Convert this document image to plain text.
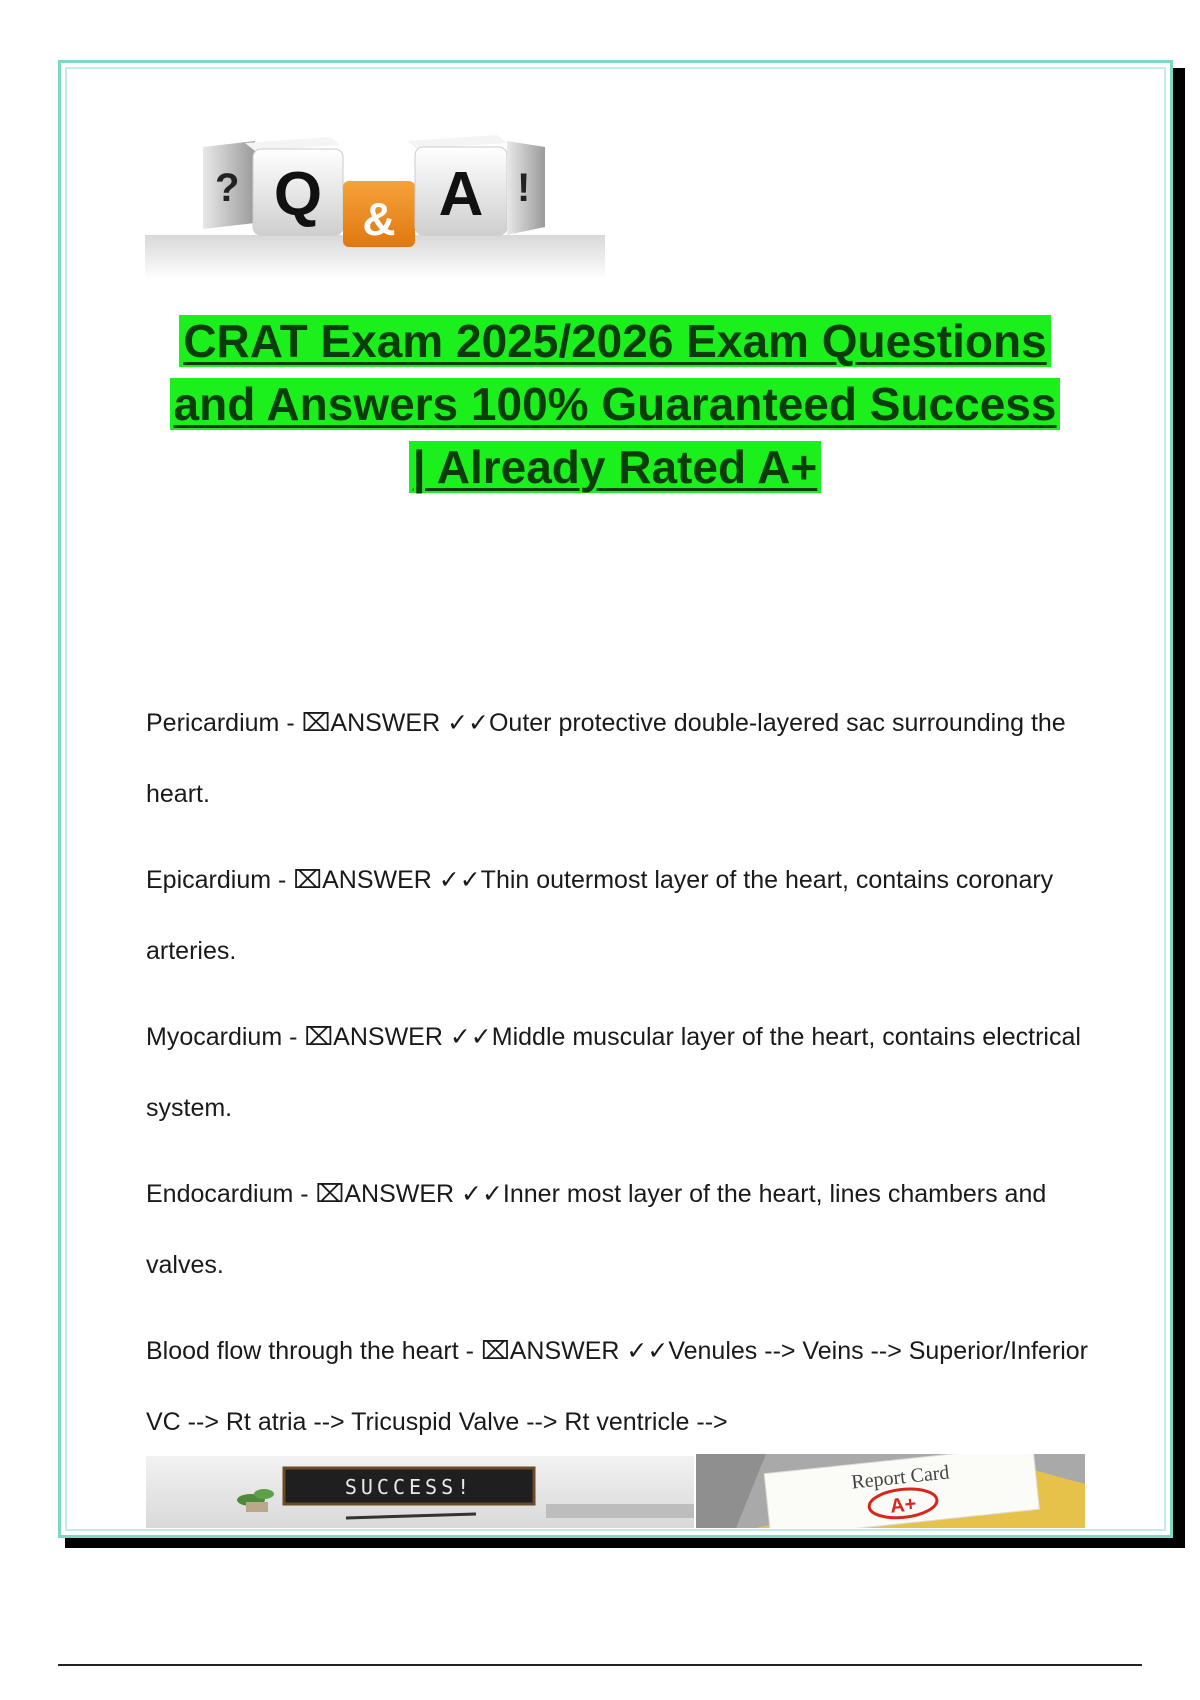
? Q & A !
CRAT Exam 2025/2026 Exam Questions
and Answers 100% Guaranteed Success
| Already Rated A+
Pericardium - ⌧ANSWER ✓✓Outer protective double-layered sac surrounding the heart.
Epicardium - ⌧ANSWER ✓✓Thin outermost layer of the heart, contains coronary arteries.
Myocardium - ⌧ANSWER ✓✓Middle muscular layer of the heart, contains electrical system.
Endocardium - ⌧ANSWER ✓✓Inner most layer of the heart, lines chambers and valves.
Blood flow through the heart - ⌧ANSWER ✓✓Venules --> Veins --> Superior/Inferior VC --> Rt atria --> Tricuspid Valve --> Rt ventricle -->
SUCCESS!	Report Card
A+
